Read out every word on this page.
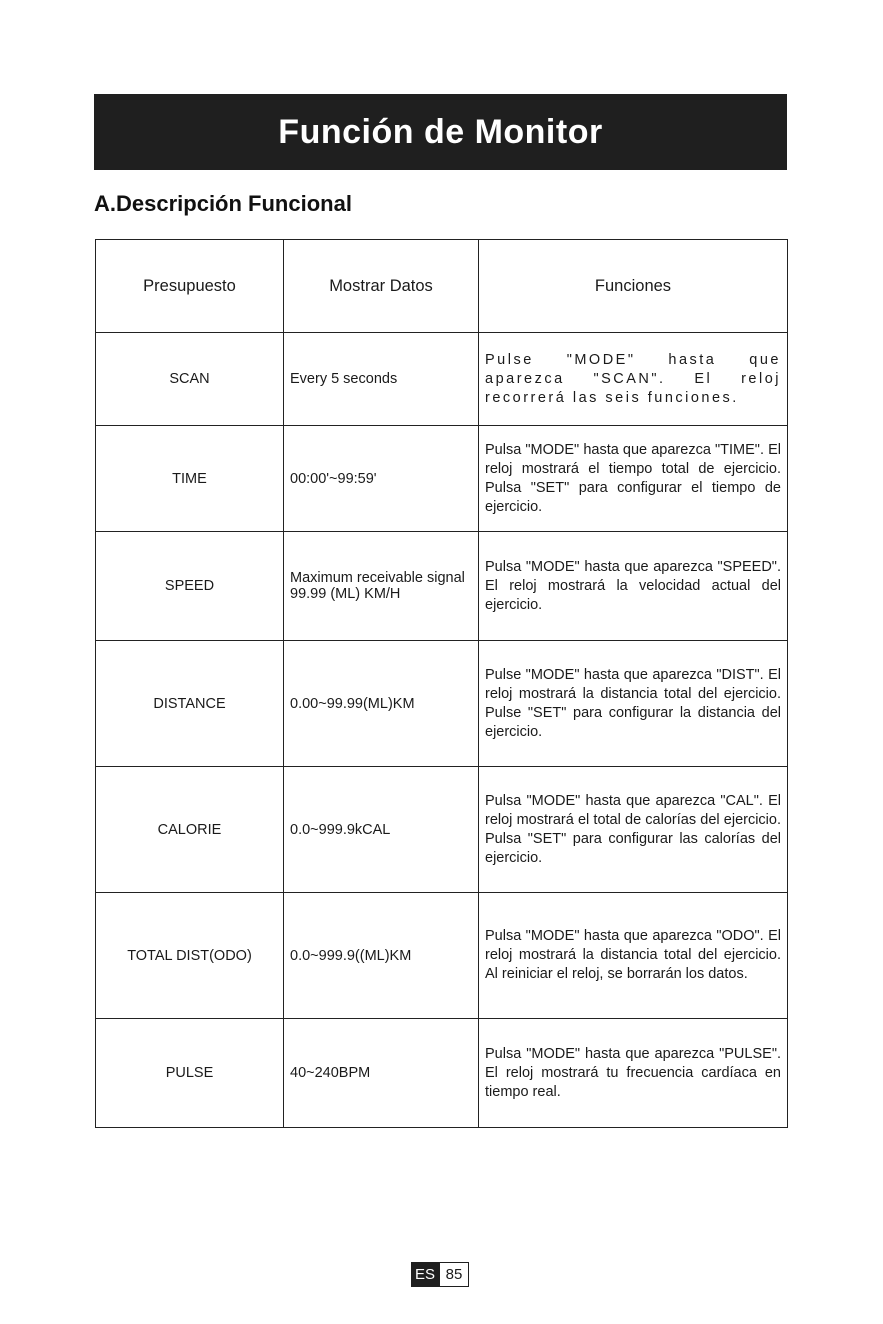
Función de Monitor
A.Descripción Funcional
Presupuesto	Mostrar Datos	Funciones
SCAN	Every 5 seconds	Pulse "MODE" hasta que aparezca "SCAN". El reloj recorrerá las seis funciones.
TIME	00:00'~99:59'	Pulsa "MODE" hasta que aparezca "TIME". El reloj mostrará el tiempo total de ejercicio. Pulsa "SET" para configurar el tiempo de ejercicio.
SPEED	Maximum receivable signal 99.99 (ML) KM/H	Pulsa "MODE" hasta que aparezca "SPEED". El reloj mostrará la velocidad actual del ejercicio.
DISTANCE	0.00~99.99(ML)KM	Pulse "MODE" hasta que aparezca "DIST". El reloj mostrará la distancia total del ejercicio. Pulse "SET" para configurar la distancia del ejercicio.
CALORIE	0.0~999.9kCAL	Pulsa "MODE" hasta que aparezca "CAL". El reloj mostrará el total de calorías del ejercicio. Pulsa "SET" para configurar las calorías del ejercicio.
TOTAL DIST(ODO)	0.0~999.9((ML)KM	Pulsa "MODE" hasta que aparezca "ODO". El reloj mostrará la distancia total del ejercicio. Al reiniciar el reloj, se borrarán los datos.
PULSE	40~240BPM	Pulsa "MODE" hasta que aparezca "PULSE". El reloj mostrará tu frecuencia cardíaca en tiempo real.
ES 85
